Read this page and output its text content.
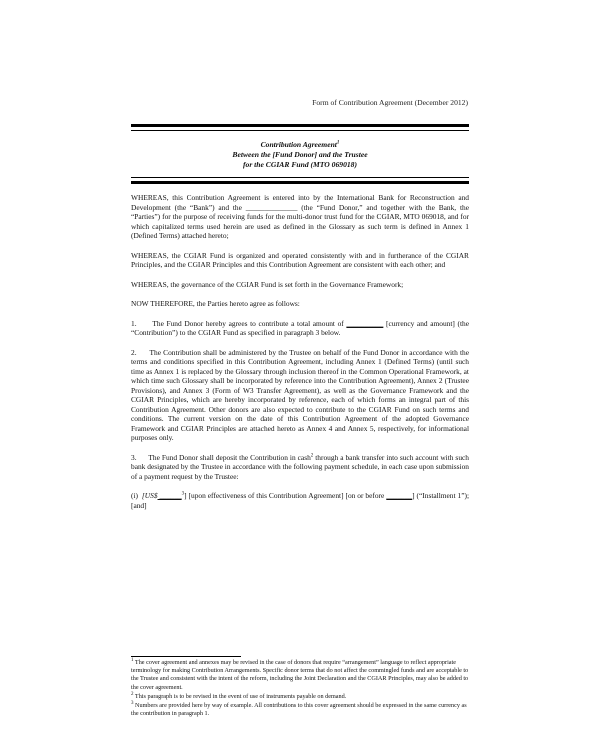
Form of Contribution Agreement (December 2012)
Contribution Agreement$^1$
Between the [Fund Donor] and the Trustee
for the CGIAR Fund (MTO 069018)

WHEREAS, this Contribution Agreement is entered into by the International Bank for Reconstruction and Development (the “Bank”) and the ______________ (the “Fund Donor,” and together with the Bank, the “Parties”) for the purpose of receiving funds for the multi-donor trust fund for the CGIAR, MTO 069018, and for which capitalized terms used herein are used as defined in the Glossary as such term is defined in Annex 1 (Defined Terms) attached hereto;

WHEREAS, the CGIAR Fund is organized and operated consistently with and in furtherance of the CGIAR Principles, and the CGIAR Principles and this Contribution Agreement are consistent with each other; and

WHEREAS, the governance of the CGIAR Fund is set forth in the Governance Framework;

NOW THEREFORE, the Parties hereto agree as follows:

1. The Fund Donor hereby agrees to contribute a total amount of __________ [currency and amount] (the “Contribution”) to the CGIAR Fund as specified in paragraph 3 below.

2. The Contribution shall be administered by the Trustee on behalf of the Fund Donor in accordance with the terms and conditions specified in this Contribution Agreement, including Annex 1 (Defined Terms) (until such time as Annex 1 is replaced by the Glossary through inclusion thereof in the Common Operational Framework, at which time such Glossary shall be incorporated by reference into the Contribution Agreement), Annex 2 (Trustee Provisions), and Annex 3 (Form of W3 Transfer Agreement), as well as the Governance Framework and the CGIAR Principles, which are hereby incorporated by reference, each of which forms an integral part of this Contribution Agreement. Other donors are also expected to contribute to the CGIAR Fund on such terms and conditions. The current version on the date of this Contribution Agreement of the adopted Governance Framework and CGIAR Principles are attached hereto as Annex 4 and Annex 5, respectively, for informational purposes only.

3. The Fund Donor shall deposit the Contribution in cash$^2$ through a bank transfer into such account with such bank designated by the Trustee in accordance with the following payment schedule, in each case upon submission of a payment request by the Trustee:

(i) [US$ ______$^3$] [upon effectiveness of this Contribution Agreement] [on or before _______] (“Installment 1”); [and]

$^1$ The cover agreement and annexes may be revised in the case of donors that require “arrangement” language to reflect appropriate terminology for making Contribution Arrangements. Specific donor terms that do not affect the commingled funds and are acceptable to the Trustee and consistent with the intent of the reform, including the Joint Declaration and the CGIAR Principles, may also be added to the cover agreement.

$^2$ This paragraph is to be revised in the event of use of instruments payable on demand.

$^3$ Numbers are provided here by way of example. All contributions to this cover agreement should be expressed in the same currency as the contribution in paragraph 1.
